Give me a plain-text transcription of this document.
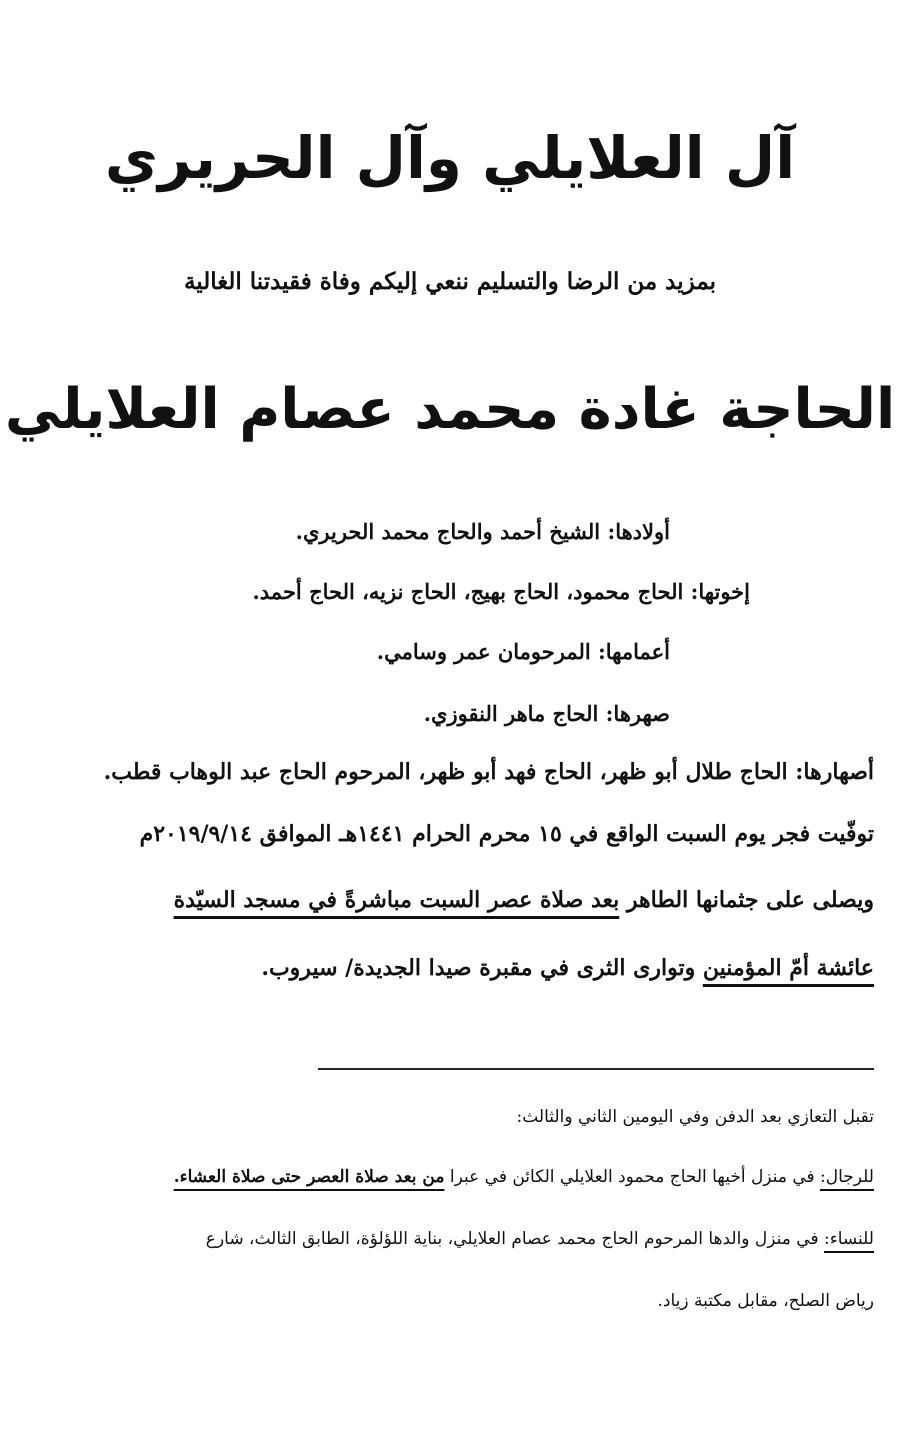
آل العلايلي وآل الحريري
بمزيد من الرضا والتسليم ننعي إليكم وفاة فقيدتنا الغالية
الحاجة غادة محمد عصام العلايلي
أولادها: الشيخ أحمد والحاج محمد الحريري.
إخوتها: الحاج محمود، الحاج بهيج، الحاج نزيه، الحاج أحمد.
أعمامها: المرحومان عمر وسامي.
صهرها: الحاج ماهر النقوزي.
أصهارها: الحاج طلال أبو ظهر، الحاج فهد أبو ظهر، المرحوم الحاج عبد الوهاب قطب.
توفّيت فجر يوم السبت الواقع في ١٥ محرم الحرام ١٤٤١هـ الموافق ٢٠١٩/٩/١٤م
ويصلى على جثمانها الطاهر بعد صلاة عصر السبت مباشرةً في مسجد السيّدة
عائشة أمّ المؤمنين وتوارى الثرى في مقبرة صيدا الجديدة/ سيروب.
تقبل التعازي بعد الدفن وفي اليومين الثاني والثالث:
للرجال: في منزل أخيها الحاج محمود العلايلي الكائن في عبرا من بعد صلاة العصر حتى صلاة العشاء.
للنساء: في منزل والدها المرحوم الحاج محمد عصام العلايلي، بناية اللؤلؤة، الطابق الثالث، شارع
رياض الصلح، مقابل مكتبة زياد.
